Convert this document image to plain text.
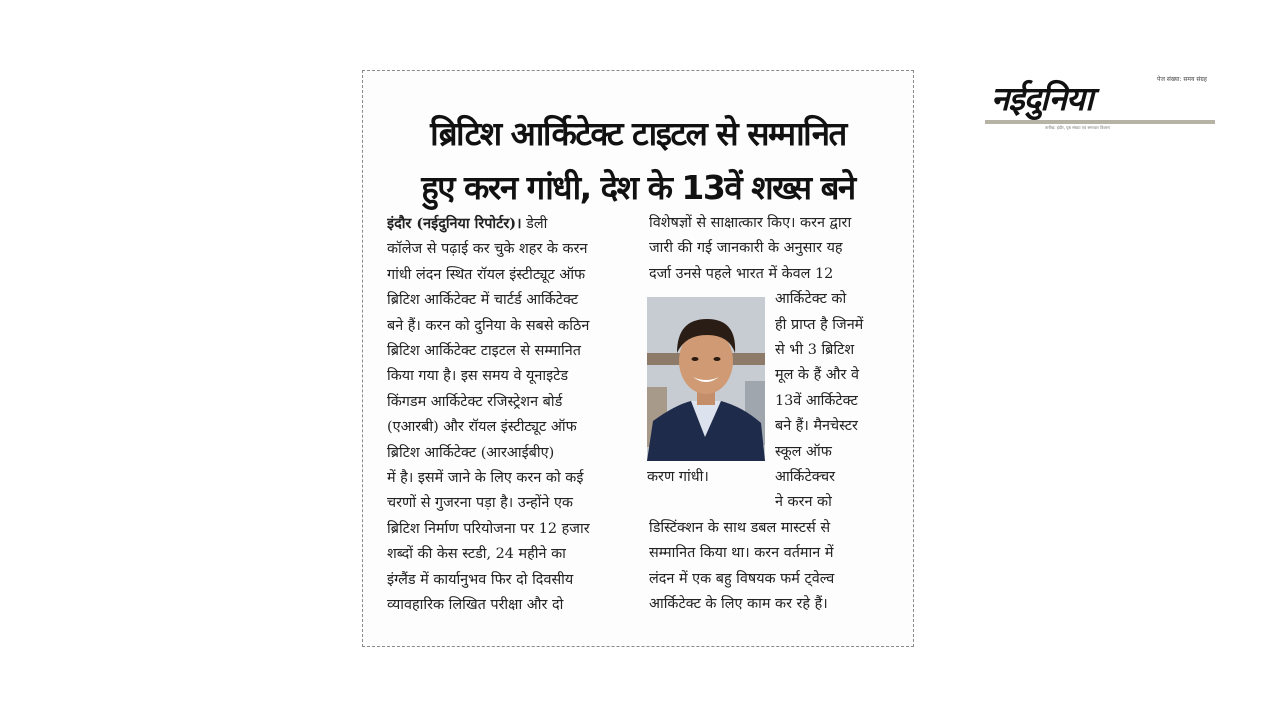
ब्रिटिश आर्किटेक्ट टाइटल से सम्मानित
हुए करन गांधी, देश के 13वें शख्स बने
इंदौर (नईदुनिया रिपोर्टर)। डेली
कॉलेज से पढ़ाई कर चुके शहर के करन
गांधी लंदन स्थित रॉयल इंस्टीट्यूट ऑफ
ब्रिटिश आर्किटेक्ट में चार्टर्ड आर्किटेक्ट
बने हैं। करन को दुनिया के सबसे कठिन
ब्रिटिश आर्किटेक्ट टाइटल से सम्मानित
किया गया है। इस समय वे यूनाइटेड
किंगडम आर्किटेक्ट रजिस्ट्रेशन बोर्ड
(एआरबी) और रॉयल इंस्टीट्यूट ऑफ
ब्रिटिश आर्किटेक्ट (आरआईबीए)
में है। इसमें जाने के लिए करन को कई
चरणों से गुजरना पड़ा है। उन्होंने एक
ब्रिटिश निर्माण परियोजना पर 12 हजार
शब्दों की केस स्टडी, 24 महीने का
इंग्लैंड में कार्यानुभव फिर दो दिवसीय
व्यावहारिक लिखित परीक्षा और दो
विशेषज्ञों से साक्षात्कार किए। करन द्वारा
जारी की गई जानकारी के अनुसार यह
दर्जा उनसे पहले भारत में केवल 12
आर्किटेक्ट को
ही प्राप्त है जिनमें
से भी 3 ब्रिटिश
मूल के हैं और वे
13वें आर्किटेक्ट
बने हैं। मैनचेस्टर
स्कूल ऑफ
आर्किटेक्चर
ने करन को
डिस्टिंक्शन के साथ डबल मास्टर्स से
सम्मानित किया था। करन वर्तमान में
लंदन में एक बहु विषयक फर्म ट्वेल्व
आर्किटेक्ट के लिए काम कर रहे हैं।
करण गांधी।
नईदुनिया	पेज संख्या: समय संग्रह
तारीख: इंदौर, पृष्ठ संख्या एवं समाचार विवरण
